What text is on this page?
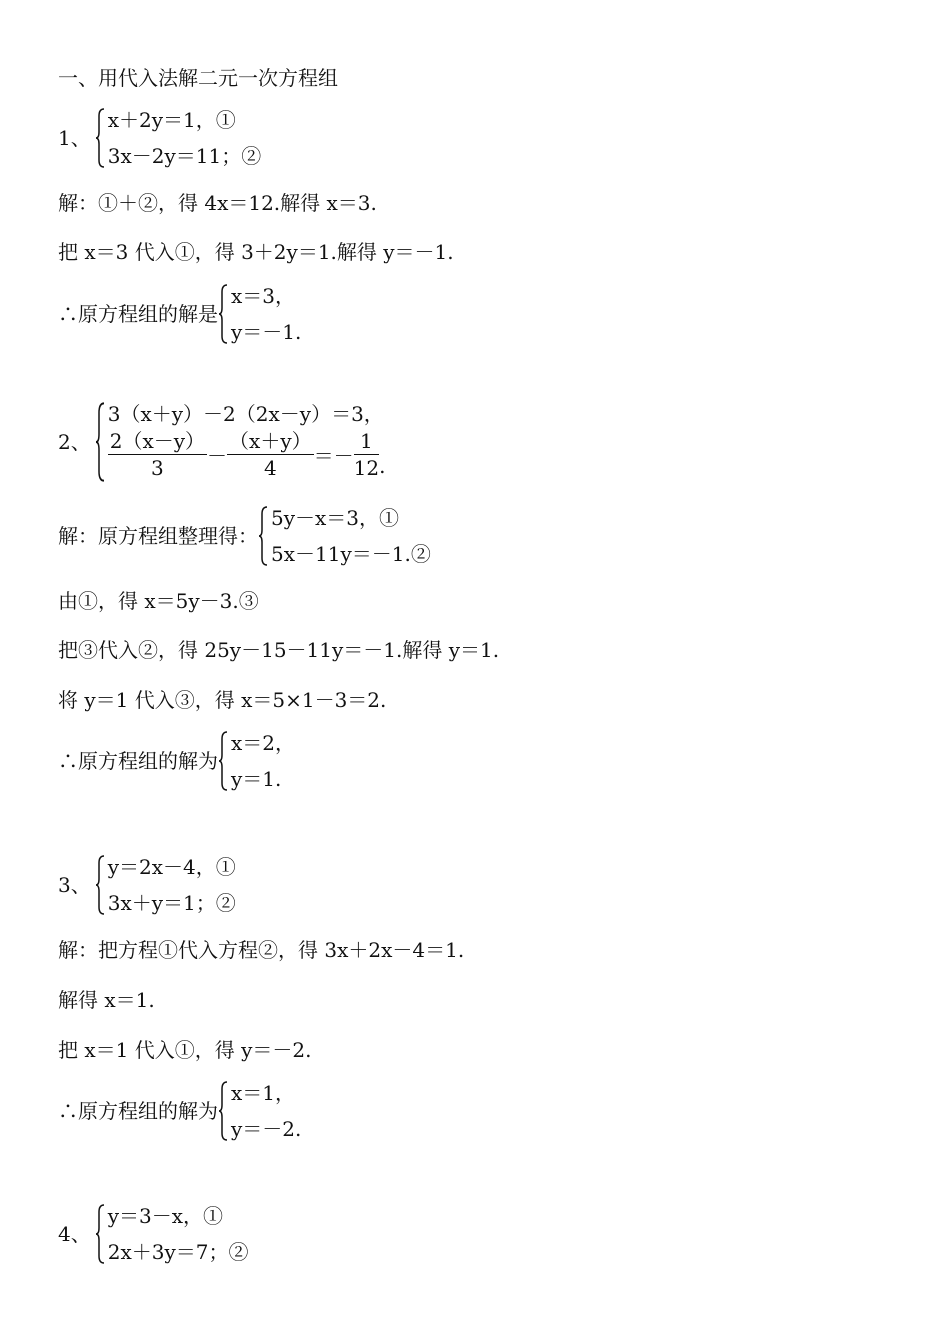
一、用代入法解二元一次方程组
1、
x＋2y＝1，①
3x－2y＝11；②
解：①＋②，得 4x＝12.解得 x＝3.
把 x＝3 代入①，得 3＋2y＝1.解得 y＝－1.
∴原方程组的解是
x＝3，
y＝－1.
2、
3（x＋y）－2（2x－y）＝3，
$\frac{2(x-y)}{3} - \frac{(x+y)}{4} =- \frac{1}{12}$ .
解：原方程组整理得：
5y－x＝3，①
5x－11y＝－1.②
由①，得 x＝5y－3.③
把③代入②，得 25y－15－11y＝－1.解得 y＝1.
将 y＝1 代入③，得 x＝5×1－3＝2.
∴原方程组的解为
x＝2，
y＝1.
3、
y＝2x－4，①
3x＋y＝1；②
解：把方程①代入方程②，得 3x＋2x－4＝1.
解得 x＝1.
把 x＝1 代入①，得 y＝－2.
∴原方程组的解为
x＝1，
y＝－2.
4、
y＝3－x，①
2x＋3y＝7；②
